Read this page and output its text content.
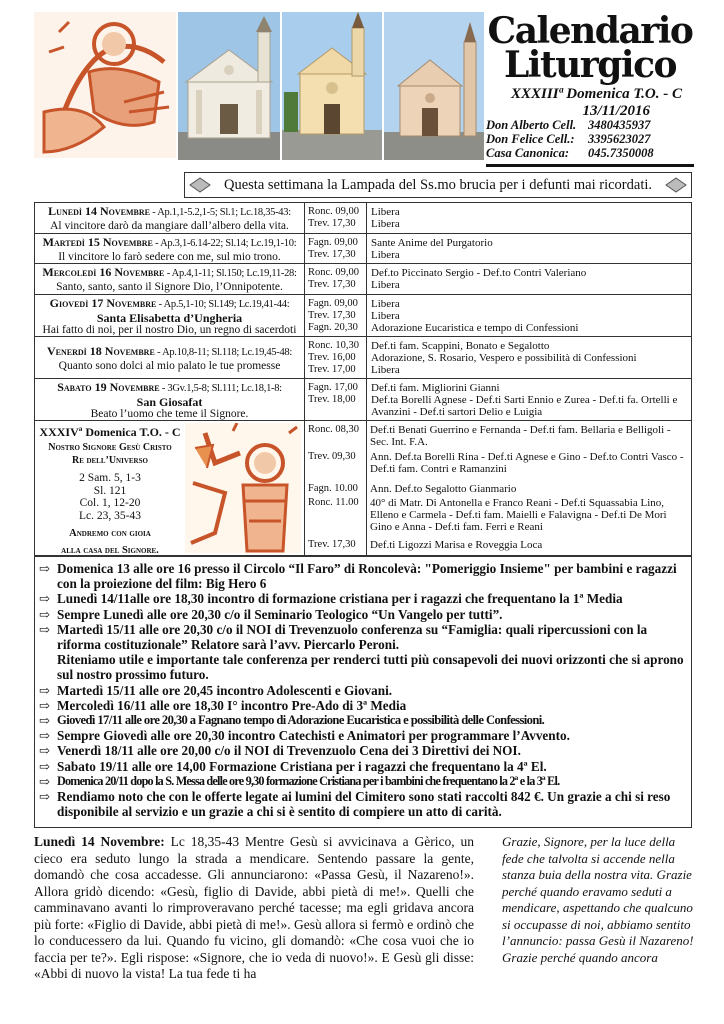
Calendario
Liturgico
XXXIIIª Domenica T.O. - C
13/11/2016
Don Alberto Cell. 3480435937
Don Felice Cell.:	3395623027
Casa Canonica:	045.7350008
Questa settimana la Lampada del Ss.mo brucia per i defunti mai ricordati.
Lunedì 14 Novembre - Ap.1,1-5.2,1-5; Sl.1; Lc.18,35-43:
Al vincitore darò da mangiare dall’albero della vita.
Ronc. 09,00
Trev. 17,30
Libera
Libera
Martedì 15 Novembre - Ap.3,1-6.14-22; Sl.14; Lc.19,1-10:
Il vincitore lo farò sedere con me, sul mio trono.
Fagn. 09,00
Trev. 17,30
Sante Anime del Purgatorio
Libera
Mercoledì 16 Novembre - Ap.4,1-11; Sl.150; Lc.19,11-28:
Santo, santo, santo il Signore Dio, l’Onnipotente.
Ronc. 09,00
Trev. 17,30
Def.to Piccinato Sergio - Def.to Contri Valeriano
Libera
Giovedì 17 Novembre - Ap.5,1-10; Sl.149; Lc.19,41-44:
Santa Elisabetta d’Ungheria
Hai fatto di noi, per il nostro Dio, un regno di sacerdoti
Fagn. 09,00
Trev. 17,30
Fagn. 20,30
Libera
Libera
Adorazione Eucaristica e tempo di Confessioni
Venerdì 18 Novembre - Ap.10,8-11; Sl.118; Lc.19,45-48:
Quanto sono dolci al mio palato le tue promesse
Ronc. 10,30
Trev. 16,00
Trev. 17,00
Def.ti fam. Scappini, Bonato e Segalotto
Adorazione, S. Rosario, Vespero e possibilità di Confessioni
Libera
Sabato 19 Novembre - 3Gv.1,5-8; Sl.111; Lc.18,1-8:
San Giosafat
Beato l’uomo che teme il Signore.
Fagn. 17,00
Trev. 18,00
Def.ti fam. Migliorini Gianni
Def.ta Borelli Agnese - Def.ti Sarti Ennio e Zurea - Def.ti fa. Ortelli e Avanzini - Def.ti sartori Delio e Luigia
XXXIVª Domenica T.O. - C
Nostro Signore Gesù Cristo
Re dell’Universo
2 Sam. 5, 1-3
Sl. 121
Col. 1, 12-20
Lc. 23, 35-43
Andremo con gioia
alla casa del Signore.
Ronc. 08,30
Trev. 09,30
Fagn. 10.00
Ronc. 11.00
Trev. 17,30
Def.ti Benati Guerrino e Fernanda - Def.ti fam. Bellaria e Belligoli - Sec. Int. F.A.
Ann. Def.ta Borelli Rina - Def.ti Agnese e Gino - Def.to Contri Vasco - Def.ti fam. Contri e Ramanzini
Ann. Def.to Segalotto Gianmario
40° di Matr. Di Antonella e Franco Reani - Def.ti Squassabia Lino, Elleno e Carmela - Def.ti fam. Maielli e Falavigna - Def.ti De Mori Gino e Anna - Def.ti fam. Ferri e Reani
Def.ti Ligozzi Marisa e Roveggia Loca
⇨ Domenica 13 alle ore 16 presso il Circolo “Il Faro” di Roncolevà: "Pomeriggio Insieme" per bambini e ragazzi con la proiezione del film: Big Hero 6
⇨ Lunedì 14/11alle ore 18,30 incontro di formazione cristiana per i ragazzi che frequentano la 1ª Media
⇨ Sempre Lunedì alle ore 20,30 c/o il Seminario Teologico “Un Vangelo per tutti”.
⇨ Martedì 15/11 alle ore 20,30 c/o il NOI di Trevenzuolo conferenza su “Famiglia: quali ripercussioni con la riforma costituzionale” Relatore sarà l’avv. Piercarlo Peroni.
Riteniamo utile e importante tale conferenza per renderci tutti più consapevoli dei nuovi orizzonti che si aprono sul nostro prossimo futuro.
⇨ Martedì 15/11 alle ore 20,45 incontro Adolescenti e Giovani.
⇨ Mercoledì 16/11 alle ore 18,30 I° incontro Pre-Ado di 3ª Media
⇨ Giovedì 17/11 alle ore 20,30 a Fagnano tempo di Adorazione Eucaristica e possibilità delle Confessioni.
⇨ Sempre Giovedì alle ore 20,30 incontro Catechisti e Animatori per programmare l’Avvento.
⇨ Venerdì 18/11 alle ore 20,00 c/o il NOI di Trevenzuolo Cena dei 3 Direttivi dei NOI.
⇨ Sabato 19/11 alle ore 14,00 Formazione Cristiana per i ragazzi che frequentano la 4ª El.
⇨ Domenica 20/11 dopo la S. Messa delle ore 9,30 formazione Cristiana per i bambini che frequentano la 2ª e la 3ª El.
⇨ Rendiamo noto che con le offerte legate ai lumini del Cimitero sono stati raccolti 842 €. Un grazie a chi si reso disponibile al servizio e un grazie a chi si è sentito di compiere un atto di carità.
Lunedì 14 Novembre: Lc 18,35-43 Mentre Gesù si avvicinava a Gèrico, un cieco era seduto lungo la strada a mendicare. Sentendo passare la gente, domandò che cosa accadesse. Gli annunciarono: «Passa Gesù, il Nazareno!». Allora gridò dicendo: «Gesù, figlio di Davide, abbi pietà di me!». Quelli che camminavano avanti lo rimproveravano perché tacesse; ma egli gridava ancora più forte: «Figlio di Davide, abbi pietà di me!». Gesù allora si fermò e ordinò che lo conducessero da lui. Quando fu vicino, gli domandò: «Che cosa vuoi che io faccia per te?». Egli rispose: «Signore, che io veda di nuovo!». E Gesù gli disse: «Abbi di nuovo la vista! La tua fede ti ha
Grazie, Signore, per la luce della fede che talvolta si accende nella stanza buia della nostra vita. Grazie perché quando eravamo seduti a mendicare, aspettando che qualcuno si occupasse di noi, abbiamo sentito l’annuncio: passa Gesù il Nazareno! Grazie perché quando ancora
